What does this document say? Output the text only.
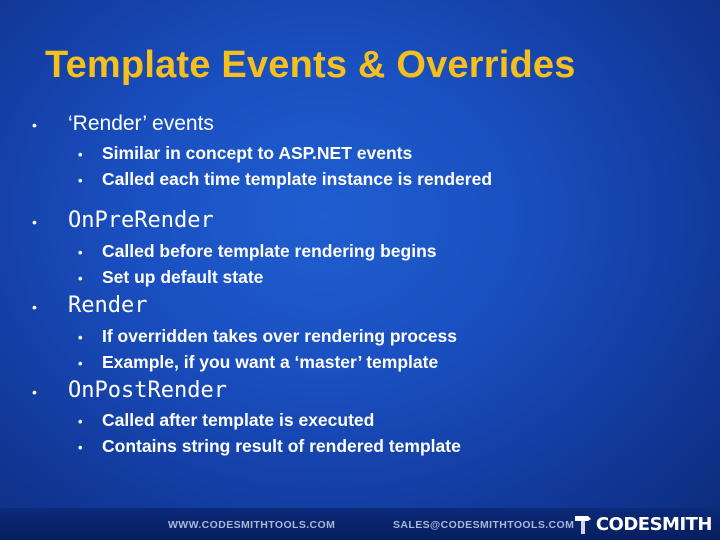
Template Events & Overrides
•	‘Render’ events
•	Similar in concept to ASP.NET events
•	Called each time template instance is rendered
•	OnPreRender
•	Called before template rendering begins
•	Set up default state
•	Render
•	If overridden takes over rendering process
•	Example, if you want a ‘master’ template
•	OnPostRender
•	Called after template is executed
•	Contains string result of rendered template
WWW.CODESMITHTOOLS.COM	SALES@CODESMITHTOOLS.COM CODESMITH
